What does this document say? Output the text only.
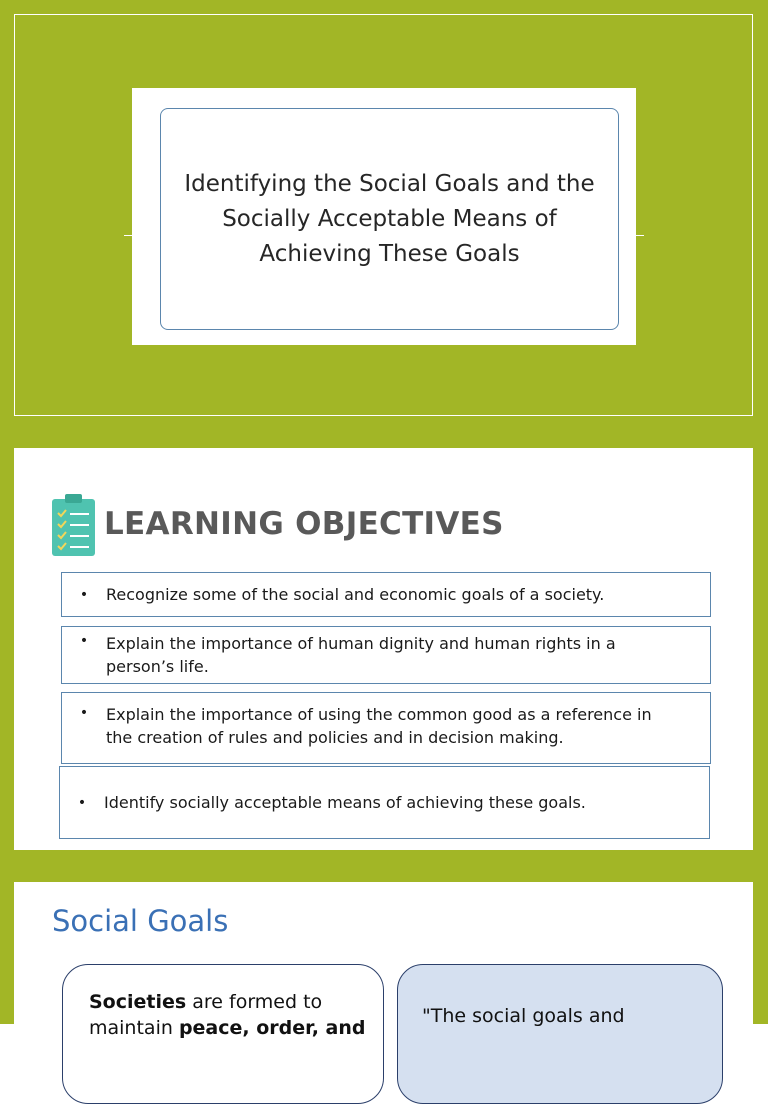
Identifying the Social Goals and the
Socially Acceptable Means of
Achieving These Goals

LEARNING OBJECTIVES
•	Recognize some of the social and economic goals of a society.
•	Explain the importance of human dignity and human rights in a
person’s life.
•	Explain the importance of using the common good as a reference in
the creation of rules and policies and in decision making.
•	Identify socially acceptable means of achieving these goals.
Social Goals

Societies are formed to
maintain peace, order, and

"The social goals and
